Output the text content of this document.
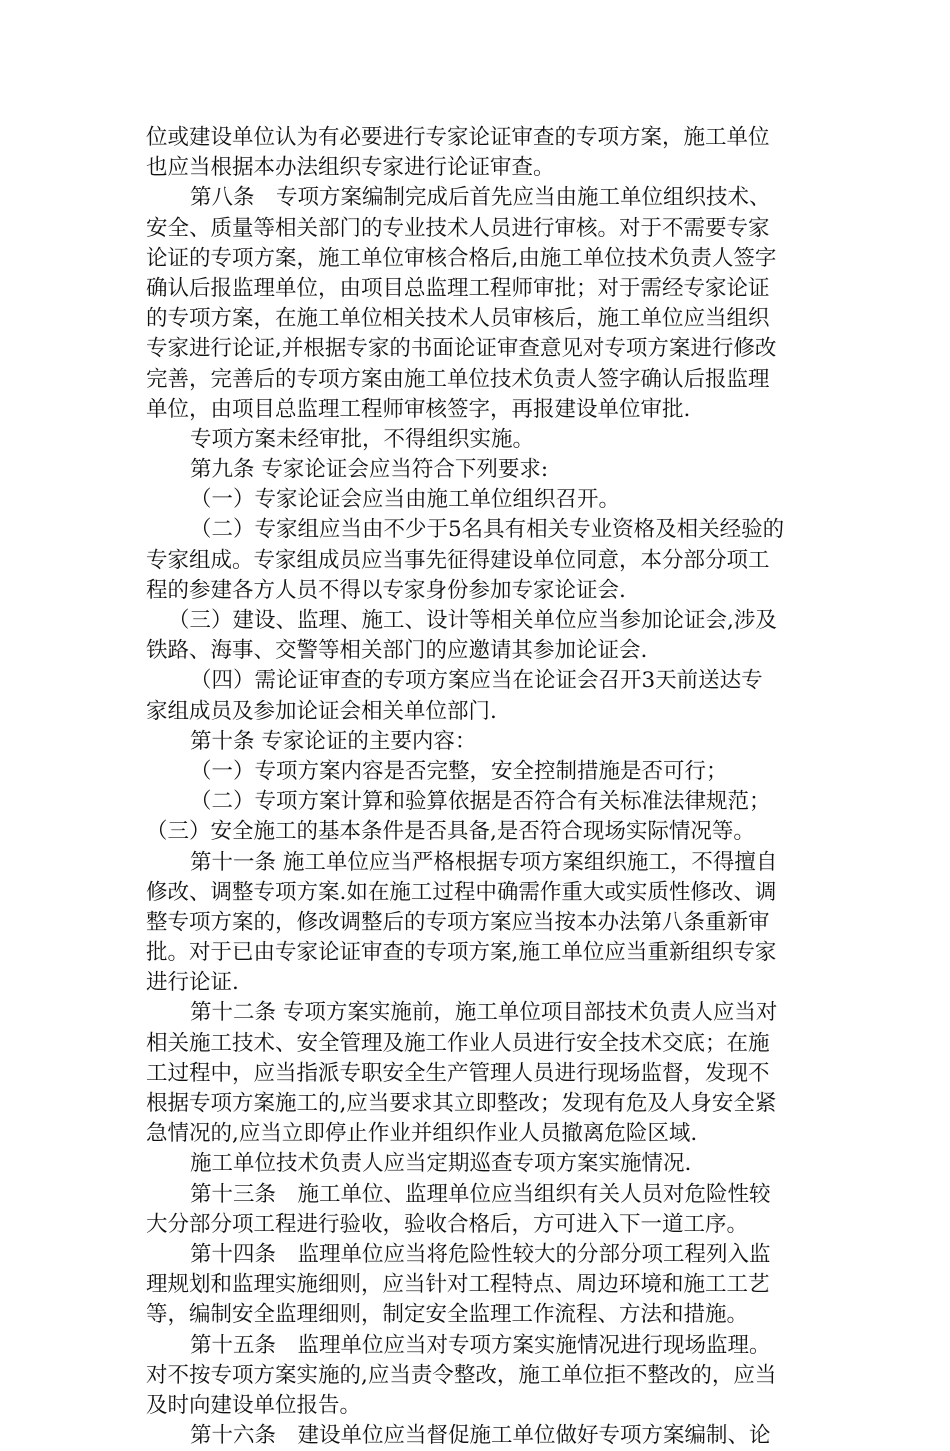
位或建设单位认为有必要进行专家论证审查的专项方案，施工单位
也应当根据本办法组织专家进行论证审查。
第八条　专项方案编制完成后首先应当由施工单位组织技术、
安全、质量等相关部门的专业技术人员进行审核。对于不需要专家
论证的专项方案，施工单位审核合格后,由施工单位技术负责人签字
确认后报监理单位，由项目总监理工程师审批；对于需经专家论证
的专项方案，在施工单位相关技术人员审核后，施工单位应当组织
专家进行论证,并根据专家的书面论证审查意见对专项方案进行修改
完善，完善后的专项方案由施工单位技术负责人签字确认后报监理
单位，由项目总监理工程师审核签字，再报建设单位审批.
专项方案未经审批，不得组织实施。
第九条 专家论证会应当符合下列要求:
（一）专家论证会应当由施工单位组织召开。
（二）专家组应当由不少于5名具有相关专业资格及相关经验的
专家组成。专家组成员应当事先征得建设单位同意，本分部分项工
程的参建各方人员不得以专家身份参加专家论证会.
（三）建设、监理、施工、设计等相关单位应当参加论证会,涉及
铁路、海事、交警等相关部门的应邀请其参加论证会.
（四）需论证审查的专项方案应当在论证会召开3天前送达专
家组成员及参加论证会相关单位部门.
第十条 专家论证的主要内容：
（一）专项方案内容是否完整，安全控制措施是否可行；
（二）专项方案计算和验算依据是否符合有关标准法律规范；
（三）安全施工的基本条件是否具备,是否符合现场实际情况等。
第十一条 施工单位应当严格根据专项方案组织施工，不得擅自
修改、调整专项方案.如在施工过程中确需作重大或实质性修改、调
整专项方案的，修改调整后的专项方案应当按本办法第八条重新审
批。对于已由专家论证审查的专项方案,施工单位应当重新组织专家
进行论证.
第十二条 专项方案实施前，施工单位项目部技术负责人应当对
相关施工技术、安全管理及施工作业人员进行安全技术交底；在施
工过程中，应当指派专职安全生产管理人员进行现场监督，发现不
根据专项方案施工的,应当要求其立即整改；发现有危及人身安全紧
急情况的,应当立即停止作业并组织作业人员撤离危险区域.
施工单位技术负责人应当定期巡查专项方案实施情况.
第十三条　施工单位、监理单位应当组织有关人员对危险性较
大分部分项工程进行验收，验收合格后，方可进入下一道工序。
第十四条　监理单位应当将危险性较大的分部分项工程列入监
理规划和监理实施细则，应当针对工程特点、周边环境和施工工艺
等，编制安全监理细则，制定安全监理工作流程、方法和措施。
第十五条　监理单位应当对专项方案实施情况进行现场监理。
对不按专项方案实施的,应当责令整改，施工单位拒不整改的，应当
及时向建设单位报告。
第十六条　建设单位应当督促施工单位做好专项方案编制、论
